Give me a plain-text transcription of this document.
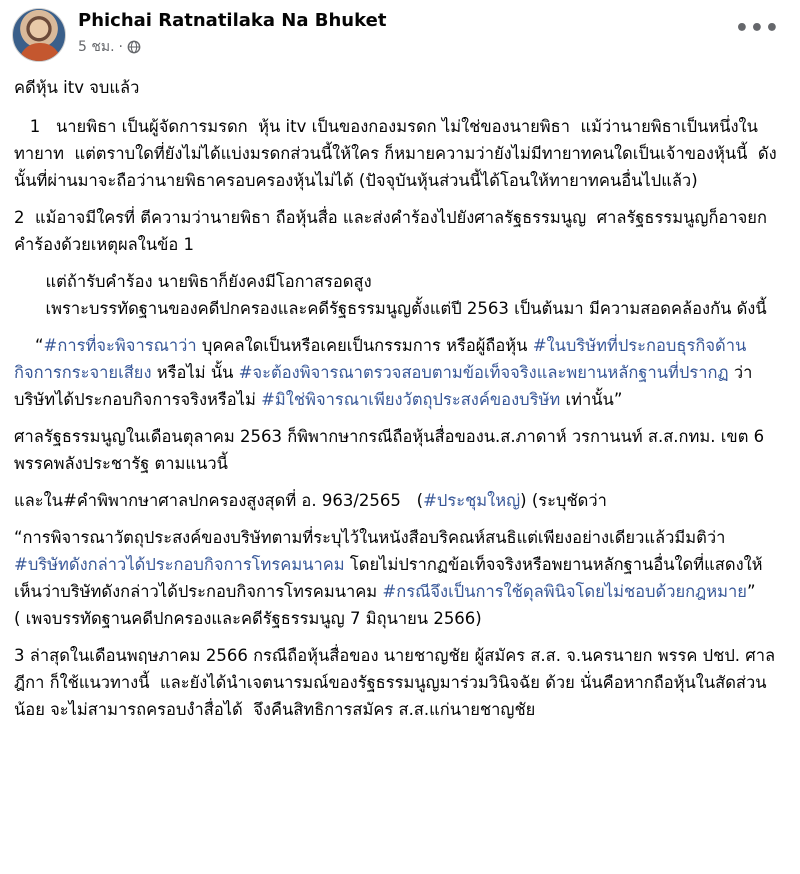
Phichai Ratnatilaka Na Bhuket
5 ชม. ·
•••

คดีหุ้น itv จบแล้ว

1   นายพิธา เป็นผู้จัดการมรดก  หุ้น itv เป็นของกองมรดก ไม่ใช่ของนายพิธา  แม้ว่านายพิธาเป็นหนึ่งในทายาท  แต่ตราบใดที่ยังไม่ได้แบ่งมรดกส่วนนี้ให้ใคร ก็หมายความว่ายังไม่มีทายาทคนใดเป็นเจ้าของหุ้นนี้  ดังนั้นที่ผ่านมาจะถือว่านายพิธาครอบครองหุ้นไม่ได้ (ปัจจุบันหุ้นส่วนนี้ได้โอนให้ทายาทคนอื่นไปแล้ว)

2  แม้อาจมีใครที่ ตีความว่านายพิธา ถือหุ้นสื่อ และส่งคำร้องไปยังศาลรัฐธรรมนูญ  ศาลรัฐธรรมนูญก็อาจยกคำร้องด้วยเหตุผลในข้อ 1

แต่ถ้ารับคำร้อง นายพิธาก็ยังคงมีโอกาสรอดสูง

เพราะบรรทัดฐานของคดีปกครองและคดีรัฐธรรมนูญตั้งแต่ปี 2563 เป็นต้นมา มีความสอดคล้องกัน ดังนี้

“#การที่จะพิจารณาว่า บุคคลใดเป็นหรือเคยเป็นกรรมการ หรือผู้ถือหุ้น #ในบริษัทที่ประกอบธุรกิจด้านกิจการกระจายเสียง หรือไม่ นั้น #จะต้องพิจารณาตรวจสอบตามข้อเท็จจริงและพยานหลักฐานที่ปรากฏ ว่า บริษัทได้ประกอบกิจการจริงหรือไม่ #มิใช่พิจารณาเพียงวัตถุประสงค์ของบริษัท เท่านั้น”

ศาลรัฐธรรมนูญในเดือนตุลาคม 2563 ก็พิพากษากรณีถือหุ้นสื่อของน.ส.ภาดาห์ วรกานนท์ ส.ส.กทม. เขต 6 พรรคพลังประชารัฐ ตามแนวนี้

และใน#คำพิพากษาศาลปกครองสูงสุดที่ อ. 963/2565   (#ประชุมใหญ่) (ระบุชัดว่า

“การพิจารณาวัตถุประสงค์ของบริษัทตามที่ระบุไว้ในหนังสือบริคณห์สนธิแต่เพียงอย่างเดียวแล้วมีมติว่า #บริษัทดังกล่าวได้ประกอบกิจการโทรคมนาคม โดยไม่ปรากฏข้อเท็จจริงหรือพยานหลักฐานอื่นใดที่แสดงให้เห็นว่าบริษัทดังกล่าวได้ประกอบกิจการโทรคมนาคม #กรณีจึงเป็นการใช้ดุลพินิจโดยไม่ชอบด้วยกฎหมาย”

( เพจบรรทัดฐานคดีปกครองและคดีรัฐธรรมนูญ 7 มิถุนายน 2566)

3 ล่าสุดในเดือนพฤษภาคม 2566 กรณีถือหุ้นสื่อของ นายชาญชัย ผู้สมัคร ส.ส. จ.นครนายก พรรค ปชป. ศาลฎีกา ก็ใช้แนวทางนี้  และยังได้นำเจตนารมณ์ของรัฐธรรมนูญมาร่วมวินิจฉัย ด้วย นั่นคือหากถือหุ้นในสัดส่วนน้อย จะไม่สามารถครอบงำสื่อได้  จึงคืนสิทธิการสมัคร ส.ส.แก่นายชาญชัย
